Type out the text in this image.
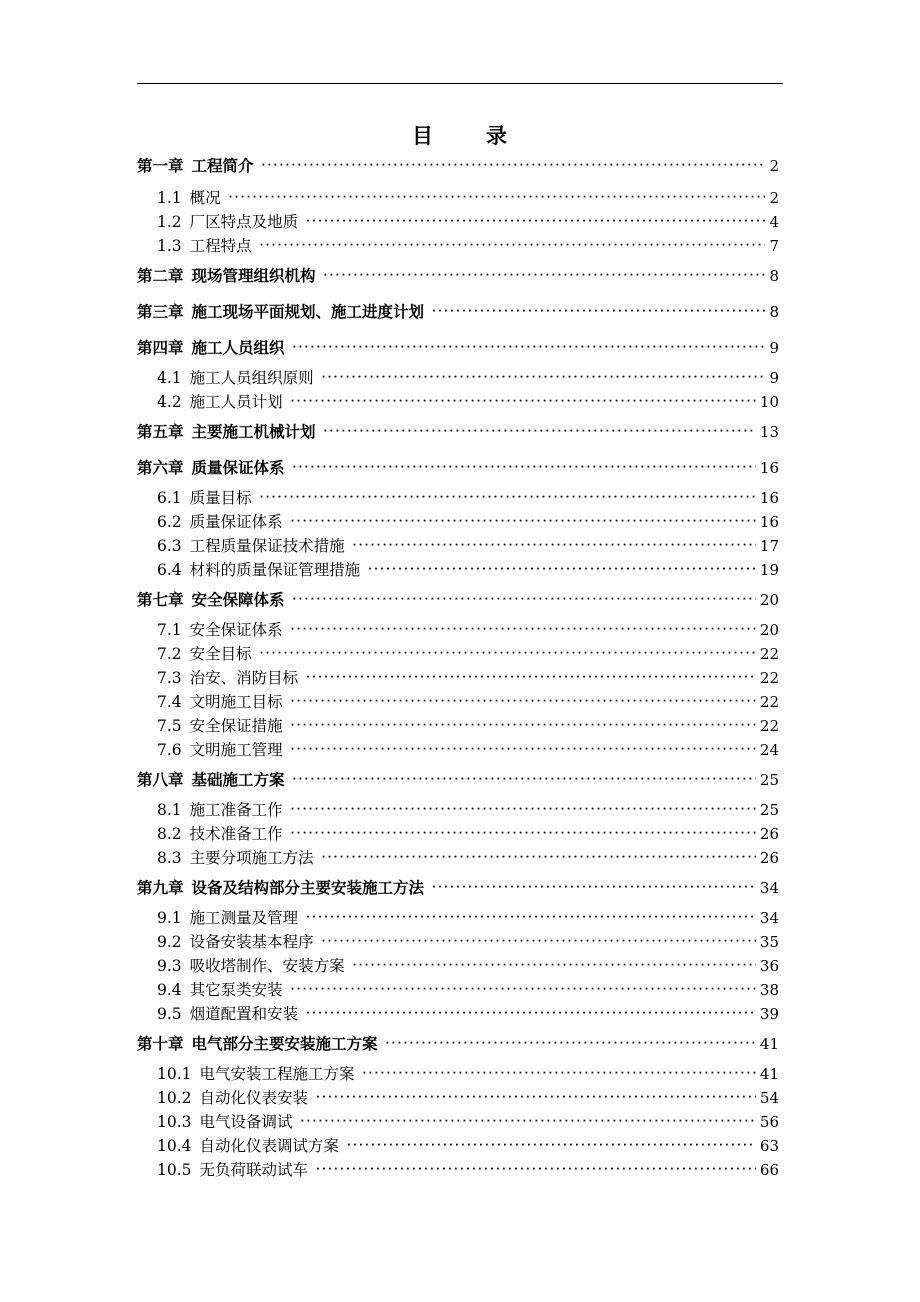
目 录
第一章 工程简介 ·····	2
1.1 概况 ·····	2
1.2 厂区特点及地质 ·····	4
1.3 工程特点 ·····	7
第二章 现场管理组织机构 ·····	8
第三章 施工现场平面规划、施工进度计划 ·····	8
第四章 施工人员组织 ·····	9
4.1 施工人员组织原则 ·····	9
4.2 施工人员计划 ·····	10
第五章 主要施工机械计划 ·····	13
第六章 质量保证体系 ·····	16
6.1 质量目标 ·····	16
6.2 质量保证体系 ·····	16
6.3 工程质量保证技术措施 ·····	17
6.4 材料的质量保证管理措施 ·····	19
第七章 安全保障体系 ·····	20
7.1 安全保证体系 ·····	20
7.2 安全目标 ·····	22
7.3 治安、消防目标 ·····	22
7.4 文明施工目标 ·····	22
7.5 安全保证措施 ·····	22
7.6 文明施工管理 ·····	24
第八章 基础施工方案 ·····	25
8.1 施工准备工作 ·····	25
8.2 技术准备工作 ·····	26
8.3 主要分项施工方法 ·····	26
第九章 设备及结构部分主要安装施工方法 ·····	34
9.1 施工测量及管理 ·····	34
9.2 设备安装基本程序 ·····	35
9.3 吸收塔制作、安装方案 ·····	36
9.4 其它泵类安装 ·····	38
9.5 烟道配置和安装 ·····	39
第十章 电气部分主要安装施工方案 ·····	41
10.1 电气安装工程施工方案 ·····	41
10.2 自动化仪表安装 ·····	54
10.3 电气设备调试 ·····	56
10.4 自动化仪表调试方案 ·····	63
10.5 无负荷联动试车 ·····	66
